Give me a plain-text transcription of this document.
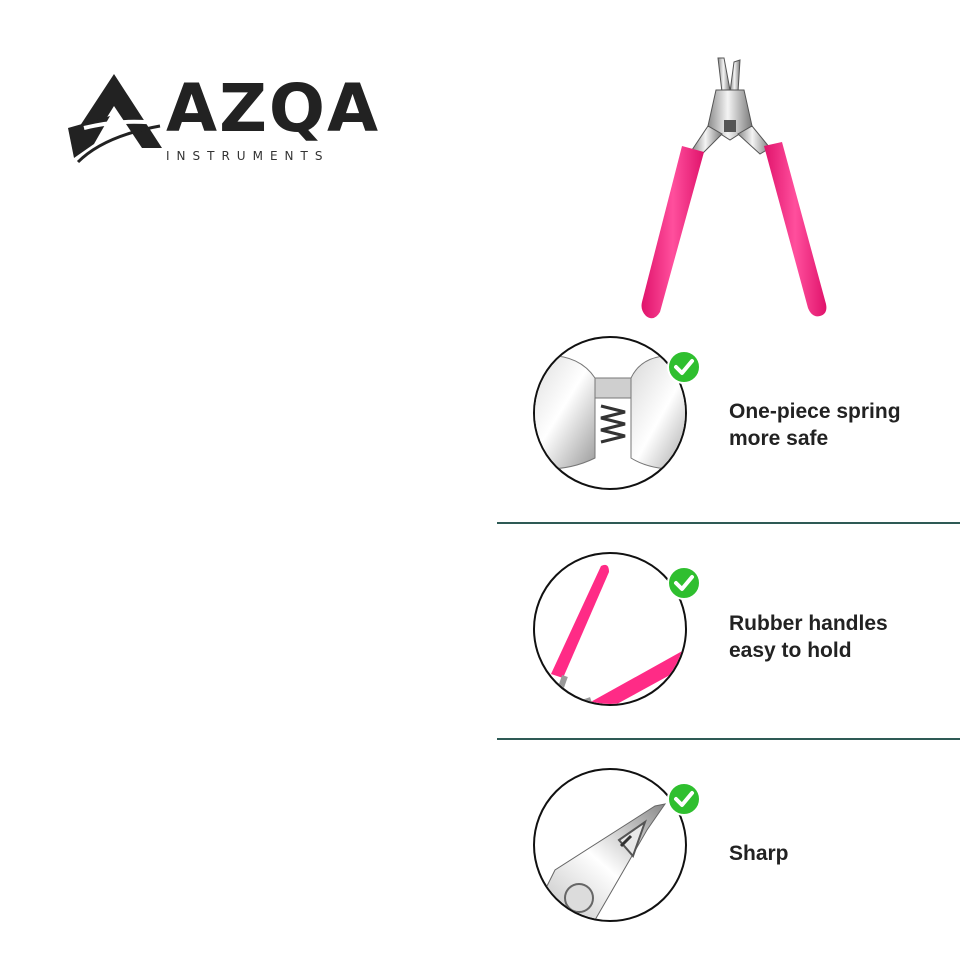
AZQA
INSTRUMENTS
One-piece spring
more safe
Rubber handles
easy to hold
Sharp
